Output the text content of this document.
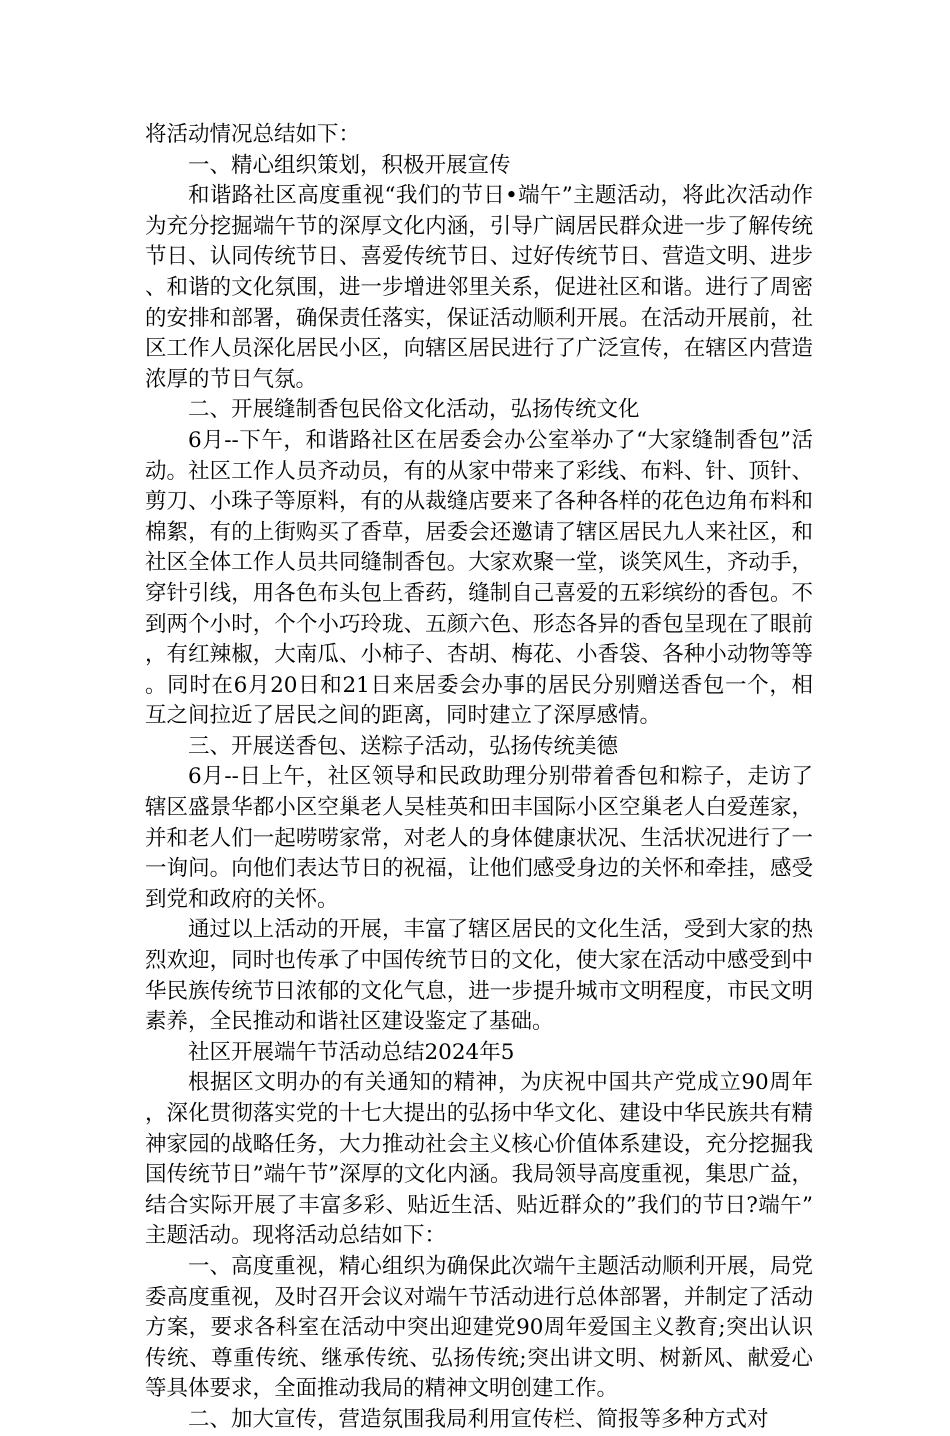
将活动情况总结如下：

一、精心组织策划，积极开展宣传

和谐路社区高度重视“我们的节日•端午”主题活动，将此次活动作为充分挖掘端午节的深厚文化内涵，引导广阔居民群众进一步了解传统节日、认同传统节日、喜爱传统节日、过好传统节日、营造文明、进步、和谐的文化氛围，进一步增进邻里关系，促进社区和谐。进行了周密的安排和部署，确保责任落实，保证活动顺利开展。在活动开展前，社区工作人员深化居民小区，向辖区居民进行了广泛宣传，在辖区内营造浓厚的节日气氛。

二、开展缝制香包民俗文化活动，弘扬传统文化

6月--下午，和谐路社区在居委会办公室举办了“大家缝制香包”活动。社区工作人员齐动员，有的从家中带来了彩线、布料、针、顶针、剪刀、小珠子等原料，有的从裁缝店要来了各种各样的花色边角布料和棉絮，有的上街购买了香草，居委会还邀请了辖区居民九人来社区，和社区全体工作人员共同缝制香包。大家欢聚一堂，谈笑风生，齐动手，穿针引线，用各色布头包上香药，缝制自己喜爱的五彩缤纷的香包。不到两个小时，个个小巧玲珑、五颜六色、形态各异的香包呈现在了眼前，有红辣椒，大南瓜、小柿子、杏胡、梅花、小香袋、各种小动物等等。同时在6月20日和21日来居委会办事的居民分别赠送香包一个，相互之间拉近了居民之间的距离，同时建立了深厚感情。

三、开展送香包、送粽子活动，弘扬传统美德

6月--日上午，社区领导和民政助理分别带着香包和粽子，走访了辖区盛景华都小区空巢老人吴桂英和田丰国际小区空巢老人白爱莲家，并和老人们一起唠唠家常，对老人的身体健康状况、生活状况进行了一一询问。向他们表达节日的祝福，让他们感受身边的关怀和牵挂，感受到党和政府的关怀。

通过以上活动的开展，丰富了辖区居民的文化生活，受到大家的热烈欢迎，同时也传承了中国传统节日的文化，使大家在活动中感受到中华民族传统节日浓郁的文化气息，进一步提升城市文明程度，市民文明素养，全民推动和谐社区建设鉴定了基础。

社区开展端午节活动总结2024年5

根据区文明办的有关通知的精神，为庆祝中国共产党成立90周年，深化贯彻落实党的十七大提出的弘扬中华文化、建设中华民族共有精神家园的战略任务，大力推动社会主义核心价值体系建设，充分挖掘我国传统节日”端午节”深厚的文化内涵。我局领导高度重视，集思广益，结合实际开展了丰富多彩、贴近生活、贴近群众的”我们的节日?端午”主题活动。现将活动总结如下：

一、高度重视，精心组织为确保此次端午主题活动顺利开展，局党委高度重视，及时召开会议对端午节活动进行总体部署，并制定了活动方案，要求各科室在活动中突出迎建党90周年爱国主义教育;突出认识传统、尊重传统、继承传统、弘扬传统;突出讲文明、树新风、献爱心等具体要求，全面推动我局的精神文明创建工作。

二、加大宣传，营造氛围我局利用宣传栏、简报等多种方式对
